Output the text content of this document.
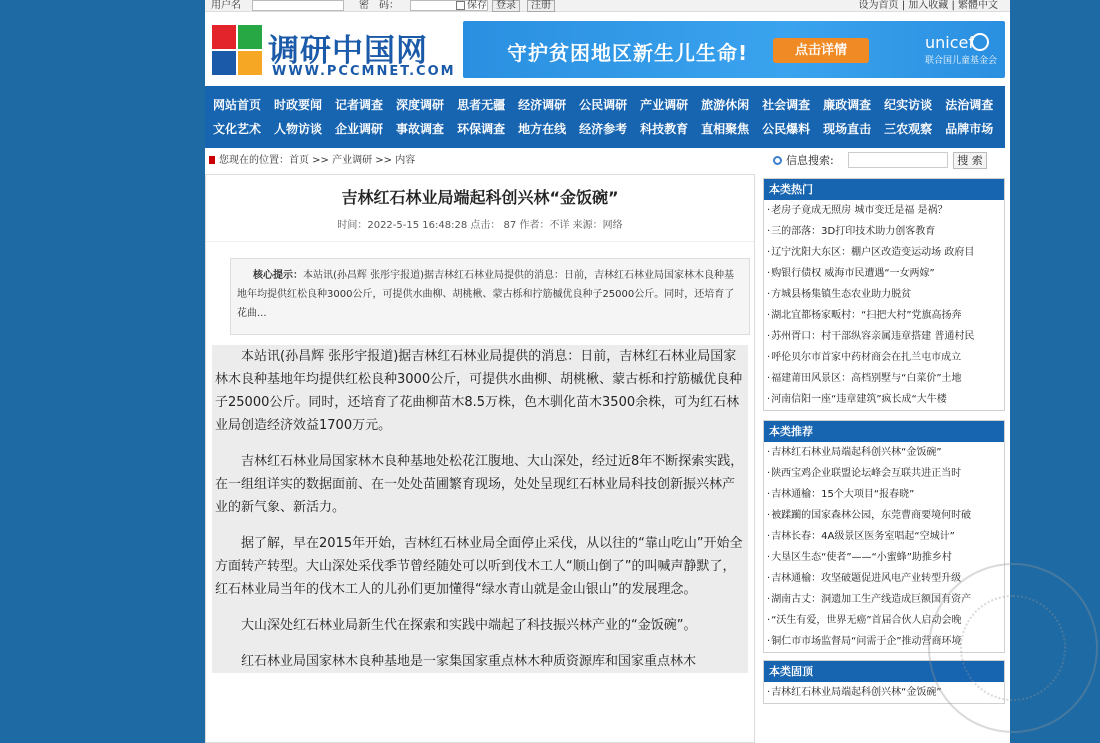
用户名	密　码：	保存 登录	注册	设为首页 | 加入收藏 | 繁體中文
调研中国网
WWW.PCCMNET.COM
守护贫困地区新生儿生命!	点击详情	unicef
联合国儿童基金会
网站首页 时政要闻 记者调查 深度调研 思者无疆 经济调研 公民调研 产业调研 旅游休闲 社会调查 廉政调查 纪实访谈 法治调查
文化艺术 人物访谈 企业调研 事故调查 环保调查 地方在线 经济参考 科技教育 直相聚焦 公民爆料 现场直击 三农观察 品牌市场
您现在的位置：首页 >> 产业调研 >> 内容	信息搜索:	搜 索
吉林红石林业局端起科创兴林“金饭碗”
时间：2022-5-15 16:48:28 点击： 87 作者：不详 来源：网络
核心提示：本站讯(孙昌辉 张彤宇报道)据吉林红石林业局提供的消息：日前，吉林红石林业局国家林木良种基地年均提供红松良种3000公斤，可提供水曲柳、胡桃楸、蒙古栎和拧筋槭优良种子25000公斤。同时，还培育了花曲...

本站讯(孙昌辉 张彤宇报道)据吉林红石林业局提供的消息：日前，吉林红石林业局国家林木良种基地年均提供红松良种3000公斤，可提供水曲柳、胡桃楸、蒙古栎和拧筋槭优良种子25000公斤。同时，还培育了花曲柳苗木8.5万株，色木驯化苗木3500余株，可为红石林业局创造经济效益1700万元。

吉林红石林业局国家林木良种基地处松花江腹地、大山深处，经过近8年不断探索实践，在一组组详实的数据面前、在一处处苗圃繁育现场，处处呈现红石林业局科技创新振兴林产业的新气象、新活力。

据了解，早在2015年开始，吉林红石林业局全面停止采伐，从以往的“靠山吃山”开始全方面转产转型。大山深处采伐季节曾经随处可以听到伐木工人“顺山倒了”的叫喊声静默了，红石林业局当年的伐木工人的儿孙们更加懂得“绿水青山就是金山银山”的发展理念。

大山深处红石林业局新生代在探索和实践中端起了科技振兴林产业的“金饭碗”。

红石林业局国家林木良种基地是一家集国家重点林木种质资源库和国家重点林木

本类热门
· 老房子竟成无照房 城市变迁是福 是祸？
· 三的部落：3D打印技术助力创客教育
· 辽宁沈阳大东区：棚户区改造变运动场 政府目
· 购银行债权 威海市民遭遇“一女两嫁”
· 方城县杨集镇生态农业助力脱贫
· 湖北宜都杨家畈村：“扫把大村”党旗高扬奔
· 苏州胥口：村干部纵容亲属违章搭建 普通村民
· 呼伦贝尔市首家中药材商会在扎兰屯市成立
· 福建莆田风景区：高档别墅与“白菜价”土地
· 河南信阳一座“违章建筑”疯长成“大牛楼
本类推荐
· 吉林红石林业局端起科创兴林“金饭碗”
· 陕西宝鸡企业联盟论坛峰会互联共进正当时
· 吉林通榆：15个大项目“报春晓”
· 被蹂躏的国家森林公园，东莞曹商要境何时破
· 吉林长春：4A级景区医务室唱起“空城计”
· 大垦区生态“使者”——“小蜜蜂”助推乡村
· 吉林通榆：攻坚破题促进风电产业转型升级
· 湖南古丈：洞遗加工生产线造成巨额国有资产
· “沃生有爱，世界无癌”首届合伙人启动会晚
· 铜仁市市场监督局“问需于企”推动营商环境
本类固顶
· 吉林红石林业局端起科创兴林“金饭碗”
